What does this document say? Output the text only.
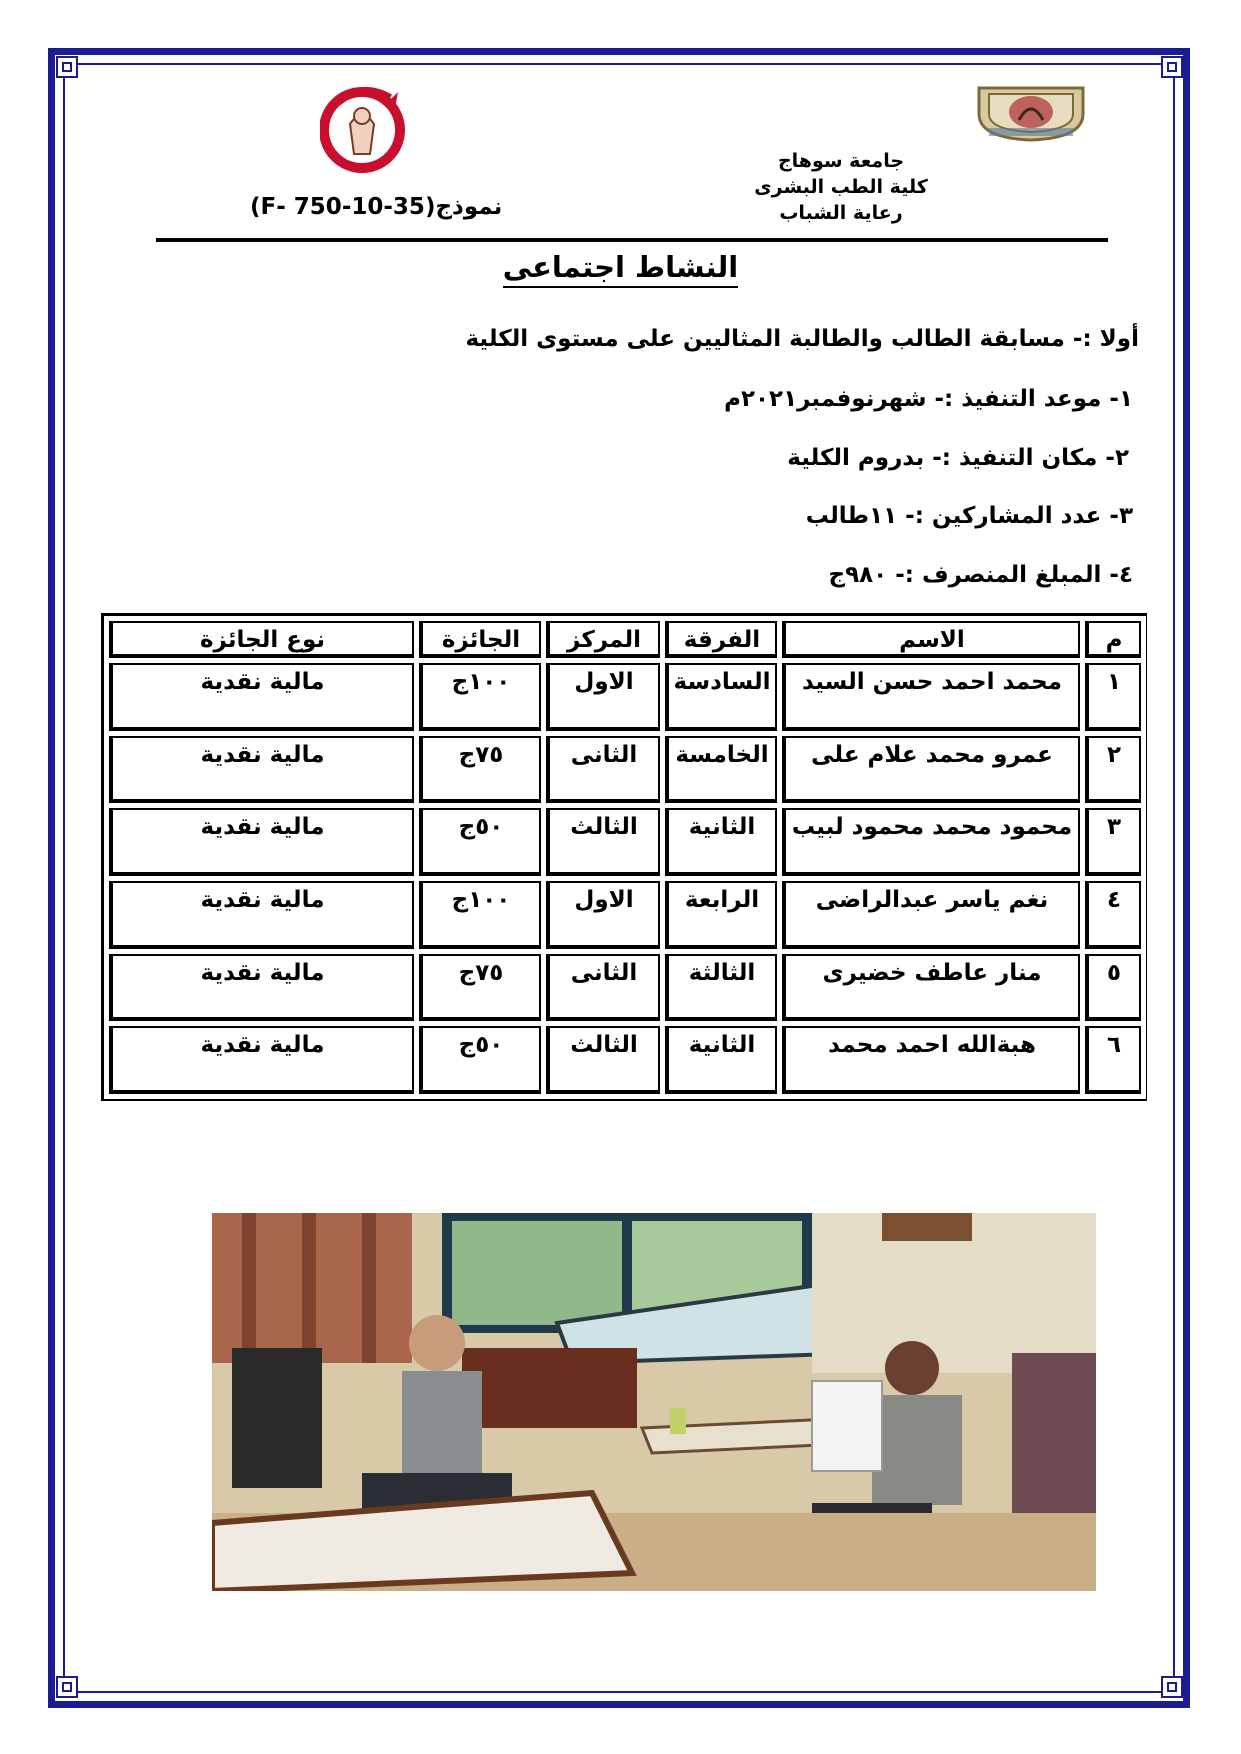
جامعة سوهاج
كلية الطب البشرى
رعاية الشباب
نموذج(35-10-750 -F)
النشاط اجتماعى
أولا :- مسابقة الطالب والطالبة المثاليين على مستوى الكلية
١- موعد التنفيذ :- شهرنوفمبر٢٠٢١م
٢- مكان التنفيذ :- بدروم الكلية
٣- عدد المشاركين :- ١١طالب
٤- المبلغ المنصرف :- ٩٨٠ج
م	الاسم	الفرقة	المركز	الجائزة	نوع الجائزة
١	محمد احمد حسن السيد	السادسة	الاول	١٠٠ج	مالية نقدية
٢	عمرو محمد علام على	الخامسة	الثانى	٧٥ج	مالية نقدية
٣	محمود محمد محمود لبيب	الثانية	الثالث	٥٠ج	مالية نقدية
٤	نغم ياسر عبدالراضى	الرابعة	الاول	١٠٠ج	مالية نقدية
٥	منار عاطف خضيرى	الثالثة	الثانى	٧٥ج	مالية نقدية
٦	هبةالله احمد محمد	الثانية	الثالث	٥٠ج	مالية نقدية
